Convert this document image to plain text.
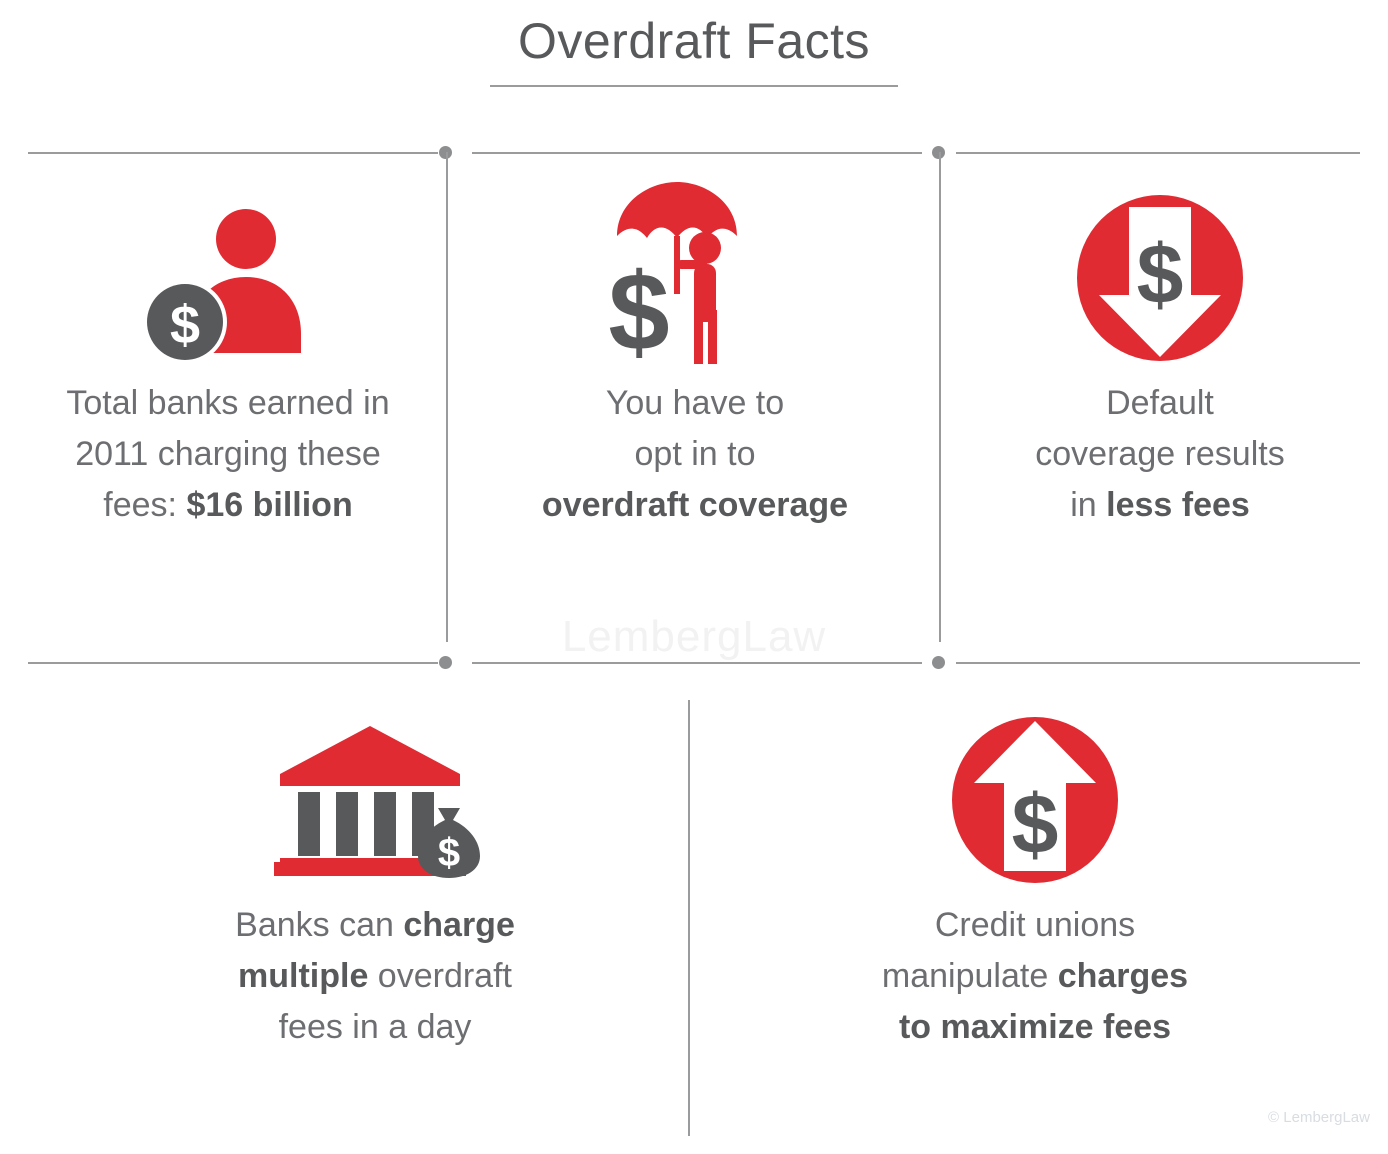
Overdraft Facts
LembergLaw
$
Total banks earned in
2011 charging these
fees: $16 billion
$
You have to
opt in to
overdraft coverage
$
Default
coverage results
in less fees
$
Banks can charge
multiple overdraft
fees in a day
$
Credit unions
manipulate charges
to maximize fees
© LembergLaw
